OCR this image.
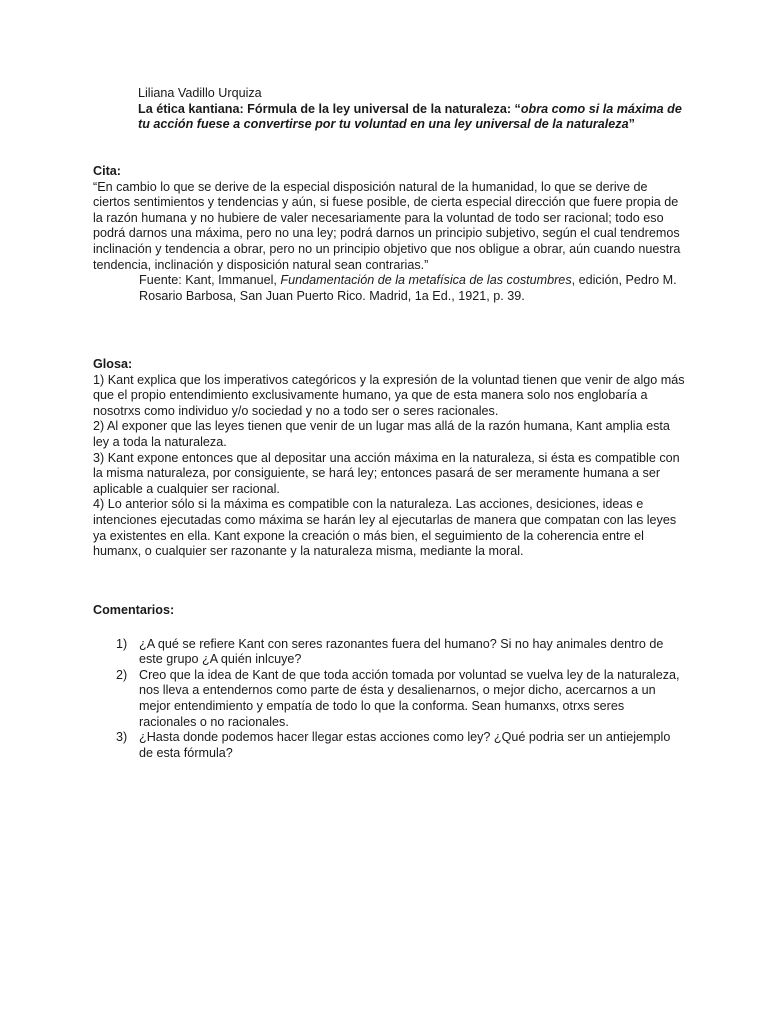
Liliana Vadillo Urquiza

La ética kantiana: Fórmula de la ley universal de la naturaleza: “obra como si la máxima de tu acción fuese a convertirse por tu voluntad en una ley universal de la naturaleza”

Cita:

“En cambio lo que se derive de la especial disposición natural de la humanidad, lo que se derive de ciertos sentimientos y tendencias y aún, si fuese posible, de cierta especial dirección que fuere propia de la razón humana y no hubiere de valer necesariamente para la voluntad de todo ser racional; todo eso podrá darnos una máxima, pero no una ley; podrá darnos un principio subjetivo, según el cual tendremos inclinación y tendencia a obrar, pero no un principio objetivo que nos obligue a obrar, aún cuando nuestra tendencia, inclinación y disposición natural sean contrarias.”

Fuente: Kant, Immanuel, Fundamentación de la metafísica de las costumbres, edición, Pedro M. Rosario Barbosa, San Juan Puerto Rico. Madrid, 1a Ed., 1921, p. 39.

Glosa:

1) Kant explica que los imperativos categóricos y la expresión de la voluntad tienen que venir de algo más que el propio entendimiento exclusivamente humano, ya que de esta manera solo nos englobaría a nosotrxs como individuo y/o sociedad y no a todo ser o seres racionales.

2) Al exponer que las leyes tienen que venir de un lugar mas allá de la razón humana, Kant amplia esta ley a toda la naturaleza.

3) Kant expone entonces que al depositar una acción máxima en la naturaleza, si ésta es compatible con la misma naturaleza, por consiguiente, se hará ley; entonces pasará de ser meramente humana a ser aplicable a cualquier ser racional.

4) Lo anterior sólo si la máxima es compatible con la naturaleza. Las acciones, desiciones, ideas e intenciones ejecutadas como máxima se harán ley al ejecutarlas de manera que compatan con las leyes ya existentes en ella. Kant expone la creación o más bien, el seguimiento de la coherencia entre el humanx, o cualquier ser razonante y la naturaleza misma, mediante la moral.

Comentarios:

1) ¿A qué se refiere Kant con seres razonantes fuera del humano? Si no hay animales dentro de este grupo ¿A quién inlcuye?
2) Creo que la idea de Kant de que toda acción tomada por voluntad se vuelva ley de la naturaleza, nos lleva a entendernos como parte de ésta y desalienarnos, o mejor dicho, acercarnos a un mejor entendimiento y empatía de todo lo que la conforma. Sean humanxs, otrxs seres racionales o no racionales.
3) ¿Hasta donde podemos hacer llegar estas acciones como ley? ¿Qué podria ser un antiejemplo de esta fórmula?
